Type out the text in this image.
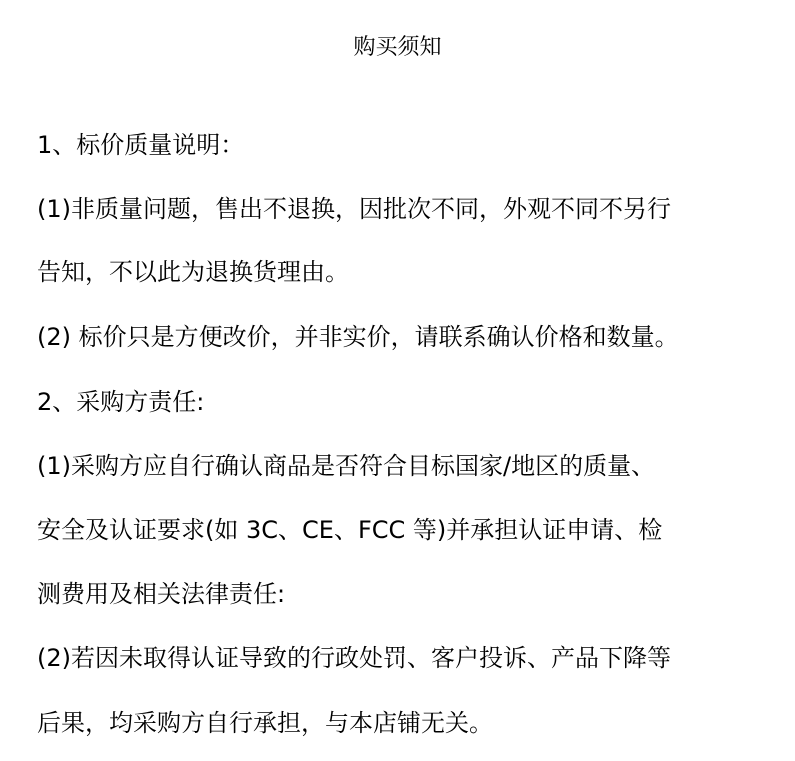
购买须知
1、标价质量说明：
(1)非质量问题，售出不退换，因批次不同，外观不同不另行
告知，不以此为退换货理由。
(2) 标价只是方便改价，并非实价，请联系确认价格和数量。
2、采购方责任:
(1)采购方应自行确认商品是否符合目标国家/地区的质量、
安全及认证要求(如 3C、CE、FCC 等)并承担认证申请、检
测费用及相关法律责任:
(2)若因未取得认证导致的行政处罚、客户投诉、产品下降等
后果，均采购方自行承担，与本店铺无关。
